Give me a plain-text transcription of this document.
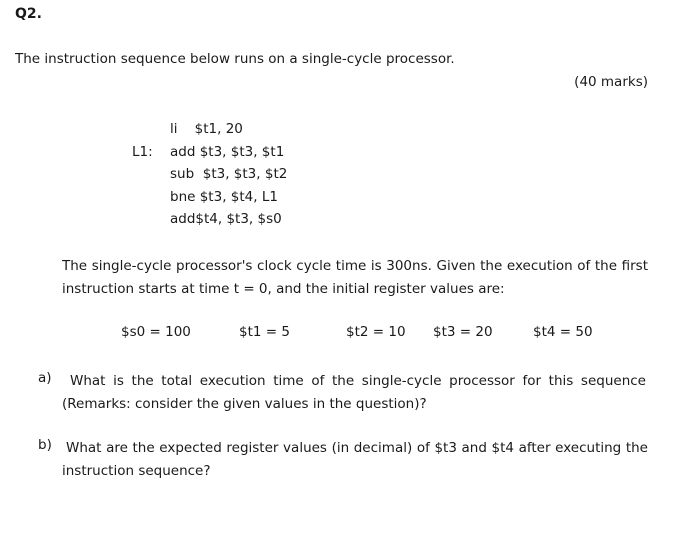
Q2.
The instruction sequence below runs on a single-cycle processor.
(40 marks)
li    $t1, 20
L1:	add $t3, $t3, $t1
sub  $t3, $t3, $t2
bne $t3, $t4, L1
add$t4, $t3, $s0
The single-cycle processor's clock cycle time is 300ns. Given the execution of the first instruction starts at time t = 0, and the initial register values are:
$s0 = 100	$t1 = 5	$t2 = 10 $t3 = 20	$t4 = 50
a)	What is the total execution time of the single-cycle processor for this sequence (Remarks: consider the given values in the question)?
b) What are the expected register values (in decimal) of $t3 and $t4 after executing the instruction sequence?
